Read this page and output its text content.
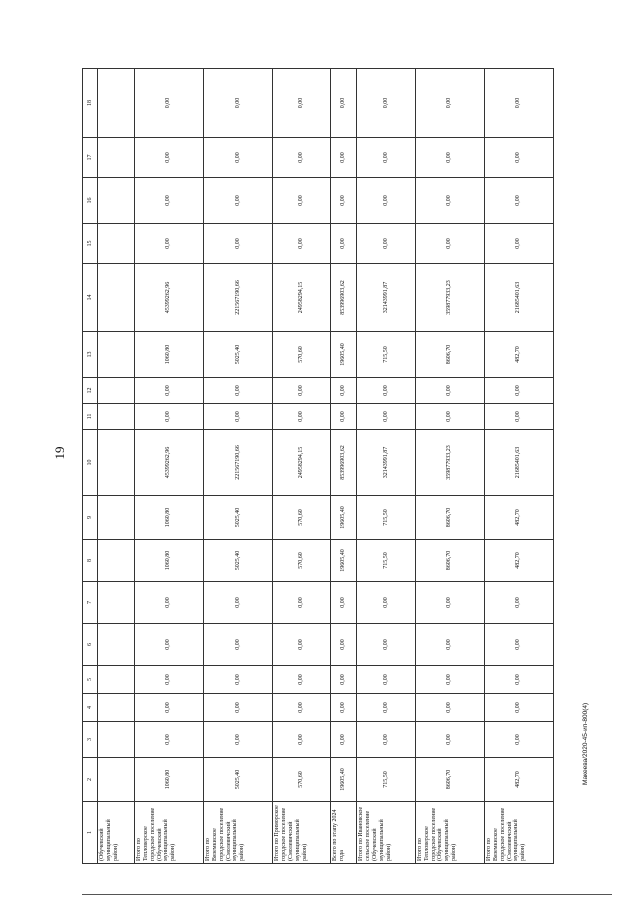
19
1	2	3	4	5	6	7	8	9	10	11	12	13	14	15	16	17	18
(Обучевский муниципальный район)																	
Итого по Тепловерское городское поселение (Обучевский муниципальный район)	1060,80	0,00	0,00	0,00	0,00	0,00	1060,80	1060,80	45399262,96	0,00	0,00	1060,80	45399262,96	0,00	0,00	0,00	0,00
Итого по Вяземкиское городское поселение (Смолевичский муниципальный район)	5025,40	0,00	0,00	0,00	0,00	0,00	5025,40	5025,40	221567190,66	0,00	0,00	5025,40	221567190,66	0,00	0,00	0,00	0,00
Итого по Приморское городское поселение (Смолевичский муниципальный район)	570,60	0,00	0,00	0,00	0,00	0,00	570,60	570,60	24958294,15	0,00	0,00	570,60	24958294,15	0,00	0,00	0,00	0,00
Всего по этапу 2024 года	19605,40	0,00	0,00	0,00	0,00	0,00	19605,40	19605,40	853996903,62	0,00	0,00	19605,40	853996903,62	0,00	0,00	0,00	0,00
Итого по Ивановское сельское поселение (Обучевский муниципальный район)	715,50	0,00	0,00	0,00	0,00	0,00	715,50	715,50	32143991,87	0,00	0,00	715,50	32143991,87	0,00	0,00	0,00	0,00
Итого по Тепловерское городское поселение (Обучевский муниципальный район)	8606,70	0,00	0,00	0,00	0,00	0,00	8606,70	8606,70	359877933,23	0,00	0,00	8606,70	359877933,23	0,00	0,00	0,00	0,00
Итого по Вяземкиское городское поселение (Смолевичский муниципальный район)	482,70	0,00	0,00	0,00	0,00	0,00	482,70	482,70	21685401,63	0,00	0,00	482,70	21685401,63	0,00	0,00	0,00	0,00
Макеева/2020-45-ип-800(4)
